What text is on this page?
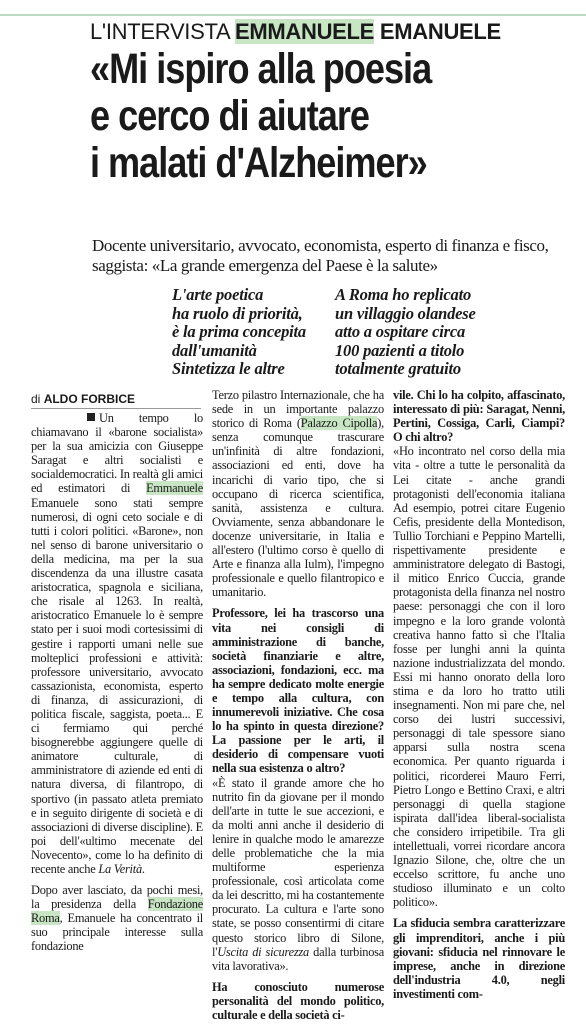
L'INTERVISTA EMMANUELE EMANUELE
«Mi ispiro alla poesia
e cerco di aiutare
i malati d'Alzheimer»
Docente universitario, avvocato, economista, esperto di finanza e fisco, saggista: «La grande emergenza del Paese è la salute»
L'arte poetica
ha ruolo di priorità,
è la prima concepita
dall'umanità
Sintetizza le altre
A Roma ho replicato
un villaggio olandese
atto a ospitare circa
100 pazienti a titolo
totalmente gratuito
di ALDO FORBICE

Un tempo lo chiamavano il «barone socialista» per la sua amicizia con Giuseppe Saragat e altri socialisti e socialdemocratici. In realtà gli amici ed estimatori di Emmanuele Emanuele sono stati sempre numerosi, di ogni ceto sociale e di tutti i colori politici. «Barone», non nel senso di barone universitario o della medicina, ma per la sua discendenza da una illustre casata aristocratica, spagnola e siciliana, che risale al 1263. In realtà, aristocratico Emanuele lo è sempre stato per i suoi modi cortesissimi di gestire i rapporti umani nelle sue molteplici professioni e attività: professore universitario, avvocato cassazionista, economista, esperto di finanza, di assicurazioni, di politica fiscale, saggista, poeta... E ci fermiamo qui perché bisognerebbe aggiungere quelle di animatore culturale, di amministratore di aziende ed enti di natura diversa, di filantropo, di sportivo (in passato atleta premiato e in seguito dirigente di società e di associazioni di diverse discipline). E poi dell'«ultimo mecenate del Novecento», come lo ha definito di recente anche La Verità.

Dopo aver lasciato, da pochi mesi, la presidenza della Fondazione Roma, Emanuele ha concentrato il suo principale interesse sulla fondazione

Terzo pilastro Internazionale, che ha sede in un importante palazzo storico di Roma (Palazzo Cipolla), senza comunque trascurare un'infinità di altre fondazioni, associazioni ed enti, dove ha incarichi di vario tipo, che si occupano di ricerca scientifica, sanità, assistenza e cultura. Ovviamente, senza abbandonare le docenze universitarie, in Italia e all'estero (l'ultimo corso è quello di Arte e finanza alla Iulm), l'impegno professionale e quello filantropico e umanitario.

Professore, lei ha trascorso una vita nei consigli di amministrazione di banche, società finanziarie e altre, associazioni, fondazioni, ecc. ma ha sempre dedicato molte energie e tempo alla cultura, con innumerevoli iniziative. Che cosa lo ha spinto in questa direzione? La passione per le arti, il desiderio di compensare vuoti nella sua esistenza o altro?

«È stato il grande amore che ho nutrito fin da giovane per il mondo dell'arte in tutte le sue accezioni, e da molti anni anche il desiderio di lenire in qualche modo le amarezze delle problematiche che la mia multiforme esperienza professionale, così articolata come da lei descritto, mi ha costantemente procurato. La cultura e l'arte sono state, se posso consentirmi di citare questo storico libro di Silone, l'Uscita di sicurezza dalla turbinosa vita lavorativa».

Ha conosciuto numerose personalità del mondo politico, culturale e della società ci-

vile. Chi lo ha colpito, affascinato, interessato di più: Saragat, Nenni, Pertini, Cossiga, Carli, Ciampi? O chi altro?

«Ho incontrato nel corso della mia vita - oltre a tutte le personalità da Lei citate - anche grandi protagonisti dell'economia italiana Ad esempio, potrei citare Eugenio Cefis, presidente della Montedison, Tullio Torchiani e Peppino Martelli, rispettivamente presidente e amministratore delegato di Bastogi, il mitico Enrico Cuccia, grande protagonista della finanza nel nostro paese: personaggi che con il loro impegno e la loro grande volontà creativa hanno fatto sì che l'Italia fosse per lunghi anni la quinta nazione industrializzata del mondo. Essi mi hanno onorato della loro stima e da loro ho tratto utili insegnamenti. Non mi pare che, nel corso dei lustri successivi, personaggi di tale spessore siano apparsi sulla nostra scena economica. Per quanto riguarda i politici, ricorderei Mauro Ferri, Pietro Longo e Bettino Craxi, e altri personaggi di quella stagione ispirata dall'idea liberal-socialista che considero irripetibile. Tra gli intellettuali, vorrei ricordare ancora Ignazio Silone, che, oltre che un eccelso scrittore, fu anche uno studioso illuminato e un colto politico».

La sfiducia sembra caratterizzare gli imprenditori, anche i più giovani: sfiducia nel rinnovare le imprese, anche in direzione dell'industria 4.0, negli investimenti com-
